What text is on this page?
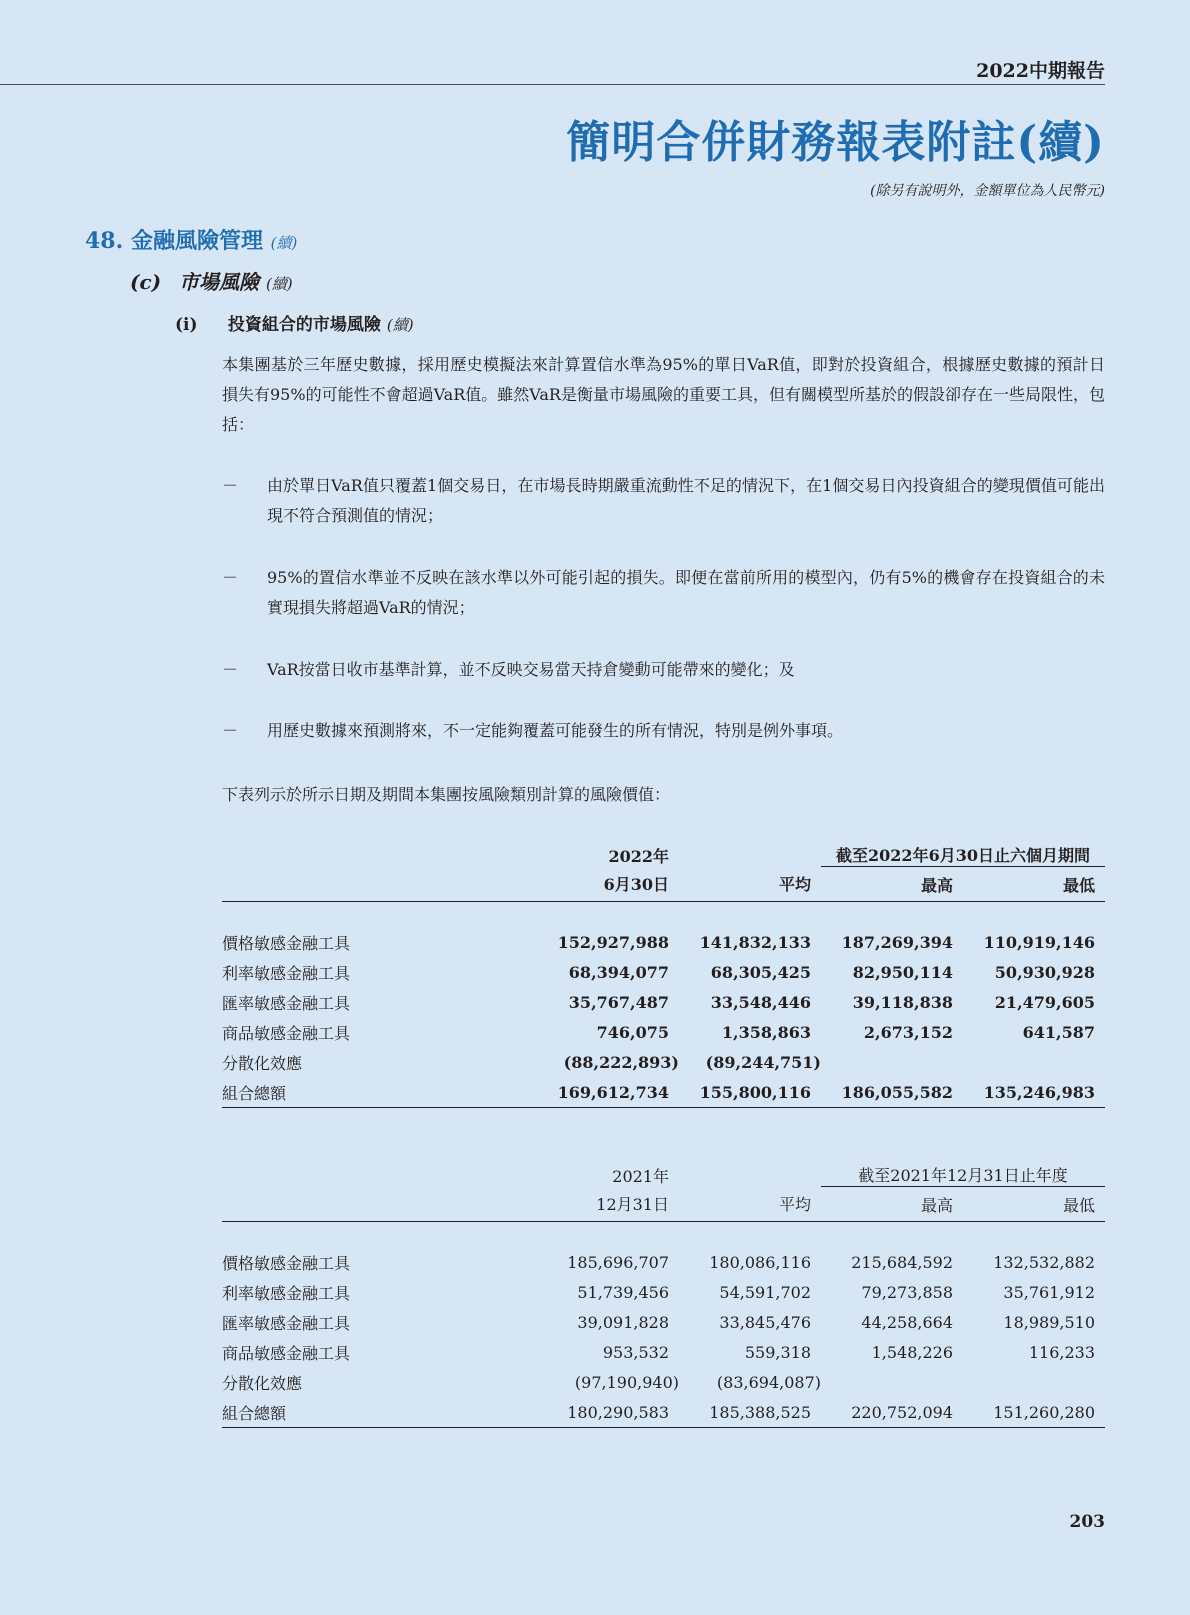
2022中期報告
簡明合併財務報表附註(續)
(除另有說明外，金額單位為人民幣元)
48. 金融風險管理 (續)
(c) 市場風險 (續)
(i) 投資組合的市場風險 (續)
本集團基於三年歷史數據，採用歷史模擬法來計算置信水準為95%的單日VaR值，即對於投資組合，根據歷史數據的預計日損失有95%的可能性不會超過VaR值。雖然VaR是衡量市場風險的重要工具，但有關模型所基於的假設卻存在一些局限性，包括：
－ 由於單日VaR值只覆蓋1個交易日，在市場長時期嚴重流動性不足的情況下，在1個交易日內投資組合的變現價值可能出現不符合預測值的情況；
－ 95%的置信水準並不反映在該水準以外可能引起的損失。即便在當前所用的模型內，仍有5%的機會存在投資組合的未實現損失將超過VaR的情況；
－ VaR按當日收市基準計算，並不反映交易當天持倉變動可能帶來的變化；及
－ 用歷史數據來預測將來，不一定能夠覆蓋可能發生的所有情況，特別是例外事項。
下表列示於所示日期及期間本集團按風險類別計算的風險價值：
	2022年		截至2022年6月30日止六個月期間	
	6月30日	平均	最高	最低

價格敏感金融工具	152,927,988	141,832,133	187,269,394	110,919,146
利率敏感金融工具	68,394,077	68,305,425	82,950,114	50,930,928
匯率敏感金融工具	35,767,487	33,548,446	39,118,838	21,479,605
商品敏感金融工具	746,075	1,358,863	2,673,152	641,587
分散化效應	(88,222,893)	(89,244,751)		
組合總額	169,612,734	155,800,116	186,055,582	135,246,983
	2021年		截至2021年12月31日止年度	
	12月31日	平均	最高	最低

價格敏感金融工具	185,696,707	180,086,116	215,684,592	132,532,882
利率敏感金融工具	51,739,456	54,591,702	79,273,858	35,761,912
匯率敏感金融工具	39,091,828	33,845,476	44,258,664	18,989,510
商品敏感金融工具	953,532	559,318	1,548,226	116,233
分散化效應	(97,190,940)	(83,694,087)		
組合總額	180,290,583	185,388,525	220,752,094	151,260,280
203
